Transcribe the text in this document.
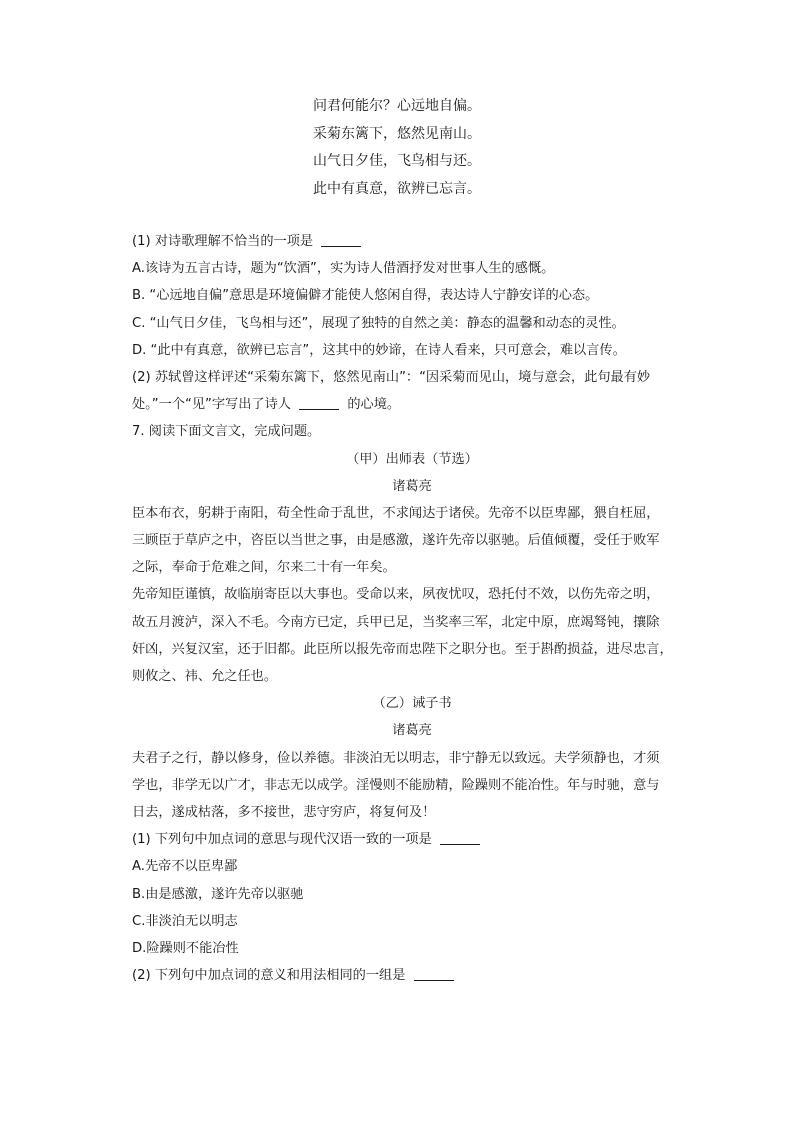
问君何能尔？心远地自偏。
采菊东篱下，悠然见南山。
山气日夕佳，飞鸟相与还。
此中有真意，欲辨已忘言。
(1) 对诗歌理解不恰当的一项是
A.该诗为五言古诗，题为“饮酒”，实为诗人借酒抒发对世事人生的感慨。
B. “心远地自偏”意思是环境偏僻才能使人悠闲自得，表达诗人宁静安详的心态。
C. “山气日夕佳，飞鸟相与还”，展现了独特的自然之美：静态的温馨和动态的灵性。
D. “此中有真意，欲辨已忘言”，这其中的妙谛，在诗人看来，只可意会，难以言传。
(2) 苏轼曾这样评述“采菊东篱下，悠然见南山”：“因采菊而见山，境与意会，此句最有妙
处。”一个“见”字写出了诗人	的心境。
7. 阅读下面文言文，完成问题。
（甲）出师表（节选）
诸葛亮
臣本布衣，躬耕于南阳，苟全性命于乱世，不求闻达于诸侯。先帝不以臣卑鄙，猥自枉屈，
三顾臣于草庐之中，咨臣以当世之事，由是感激，遂许先帝以驱驰。后值倾覆，受任于败军
之际，奉命于危难之间，尔来二十有一年矣。
先帝知臣谨慎，故临崩寄臣以大事也。受命以来，夙夜忧叹，恐托付不效，以伤先帝之明，
故五月渡泸，深入不毛。今南方已定，兵甲已足，当奖率三军，北定中原，庶竭驽钝，攘除
奸凶，兴复汉室，还于旧都。此臣所以报先帝而忠陛下之职分也。至于斟酌损益，进尽忠言，
则攸之、祎、允之任也。
（乙）诫子书
诸葛亮
夫君子之行，静以修身，俭以养德。非淡泊无以明志，非宁静无以致远。夫学须静也，才须
学也，非学无以广才，非志无以成学。淫慢则不能励精，险躁则不能冶性。年与时驰，意与
日去，遂成枯落，多不接世，悲守穷庐，将复何及！
(1) 下列句中加点词的意思与现代汉语一致的一项是
A.先帝不以臣卑鄙
B.由是感激，遂许先帝以驱驰
C.非淡泊无以明志
D.险躁则不能冶性
(2) 下列句中加点词的意义和用法相同的一组是
